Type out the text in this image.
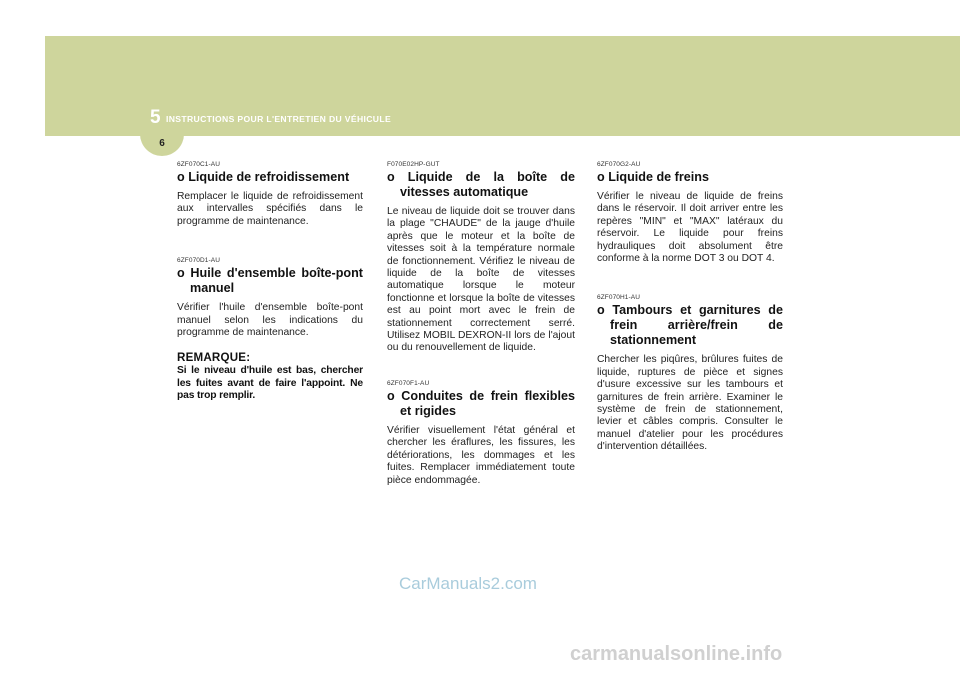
5 INSTRUCTIONS POUR L'ENTRETIEN DU VÉHICULE
6

6ZF070C1-AU

o Liquide de refroidissement

Remplacer le liquide de refroidissement aux intervalles spécifiés dans le programme de maintenance.

6ZF070D1-AU

o Huile d'ensemble boîte-pont manuel

Vérifier l'huile d'ensemble boîte-pont manuel selon les indications du programme de maintenance.

REMARQUE:

Si le niveau d'huile est bas, chercher les fuites avant de faire l'appoint. Ne pas trop remplir.

F070E02HP-GUT

o Liquide de la boîte de vitesses automatique

Le niveau de liquide doit se trouver dans la plage "CHAUDE" de la jauge d'huile après que le moteur et la boîte de vitesses soit à la température normale de fonctionnement. Vérifiez le niveau de liquide de la boîte de vitesses automatique lorsque le moteur fonctionne et lorsque la boîte de vitesses est au point mort avec le frein de stationnement correctement serré. Utilisez MOBIL DEXRON-II lors de l'ajout ou du renouvellement de liquide.

6ZF070F1-AU

o Conduites de frein flexibles et rigides

Vérifier visuellement l'état général et chercher les éraflures, les fissures, les détériorations, les dommages et les fuites. Remplacer immédiatement toute pièce endommagée.

6ZF070G2-AU

o Liquide de freins

Vérifier le niveau de liquide de freins dans le réservoir. Il doit arriver entre les repères "MIN" et "MAX" latéraux du réservoir. Le liquide pour freins hydrauliques doit absolument être conforme à la norme DOT 3 ou DOT 4.

6ZF070H1-AU

o Tambours et garnitures de frein arrière/frein de stationnement

Chercher les piqûres, brûlures fuites de liquide, ruptures de pièce et signes d'usure excessive sur les tambours et garnitures de frein arrière. Examiner le système de frein de stationnement, levier et câbles compris. Consulter le manuel d'atelier pour les procédures d'intervention détaillées.

CarManuals2.com
carmanualsonline.info
